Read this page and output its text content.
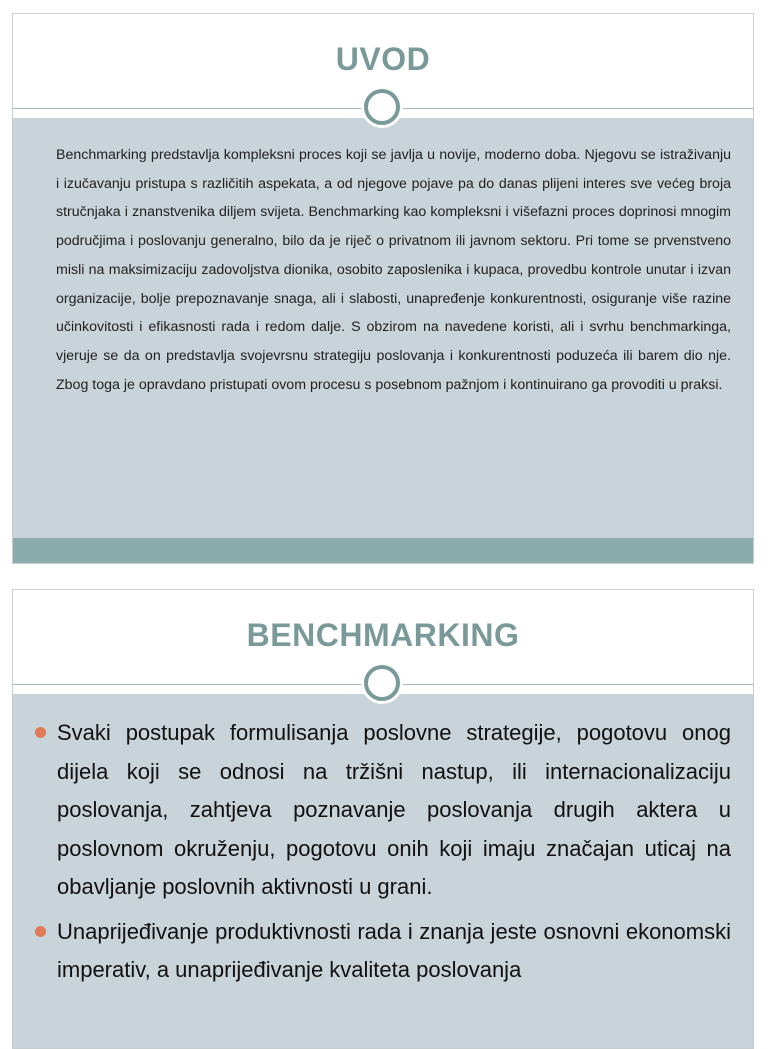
UVOD

Benchmarking predstavlja kompleksni proces koji se javlja u novije, moderno doba. Njegovu se istraživanju i izučavanju pristupa s različitih aspekata, a od njegove pojave pa do danas plijeni interes sve većeg broja stručnjaka i znanstvenika diljem svijeta. Benchmarking kao kompleksni i višefazni proces doprinosi mnogim područjima i poslovanju generalno, bilo da je riječ o privatnom ili javnom sektoru. Pri tome se prvenstveno misli na maksimizaciju zadovoljstva dionika, osobito zaposlenika i kupaca, provedbu kontrole unutar i izvan organizacije, bolje prepoznavanje snaga, ali i slabosti, unapređenje konkurentnosti, osiguranje više razine učinkovitosti i efikasnosti rada i redom dalje. S obzirom na navedene koristi, ali i svrhu benchmarkinga, vjeruje se da on predstavlja svojevrsnu strategiju poslovanja i konkurentnosti poduzeća ili barem dio nje. Zbog toga je opravdano pristupati ovom procesu s posebnom pažnjom i kontinuirano ga provoditi u praksi.

BENCHMARKING
Svaki postupak formulisanja poslovne strategije, pogotovu onog dijela koji se odnosi na tržišni nastup, ili internacionalizaciju poslovanja, zahtjeva poznavanje poslovanja drugih aktera u poslovnom okruženju, pogotovu onih koji imaju značajan uticaj na obavljanje poslovnih aktivnosti u grani.
Unaprijeđivanje produktivnosti rada i znanja jeste osnovni ekonomski imperativ, a unaprijeđivanje kvaliteta poslovanja
